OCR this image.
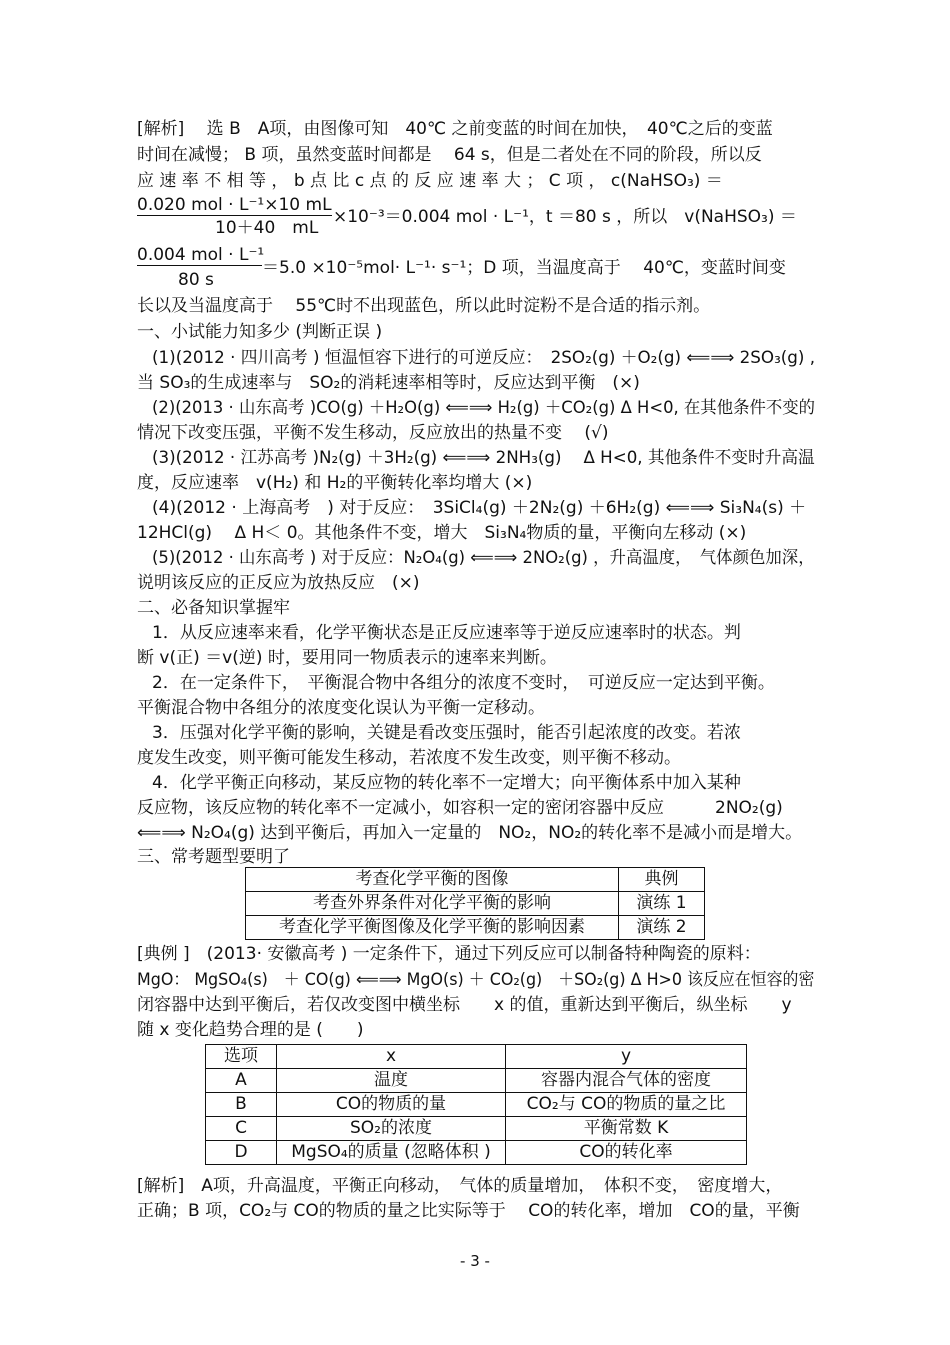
[解析]　 选 B　A项，由图像可知　40℃ 之前变蓝的时间在加快，　40℃之后的变蓝
时间在减慢； B 项，虽然变蓝时间都是　 64 s，但是二者处在不同的阶段，所以反
应 速 率 不 相 等 ， b 点 比 c 点 的 反 应 速 率 大 ； C 项 ， c(NaHSO₃) ＝
0.020 mol · L⁻¹×10 mL
10＋40　mL
×10⁻³＝0.004 mol · L⁻¹，t ＝80 s ，所以　v(NaHSO₃) ＝
0.004 mol · L⁻¹
80 s
＝5.0 ×10⁻⁵mol· L⁻¹· s⁻¹；D 项，当温度高于　 40℃，变蓝时间变
长以及当温度高于　 55℃时不出现蓝色，所以此时淀粉不是合适的指示剂。
一、小试能力知多少 (判断正误 )
(1)(2012 · 四川高考 ) 恒温恒容下进行的可逆反应：　2SO₂(g) ＋O₂(g) ⟸⟹ 2SO₃(g) ,
当 SO₃的生成速率与　SO₂的消耗速率相等时，反应达到平衡　(×)
(2)(2013 · 山东高考 )CO(g) ＋H₂O(g) ⟸⟹ H₂(g) ＋CO₂(g) Δ H<0, 在其他条件不变的
情况下改变压强，平衡不发生移动，反应放出的热量不变　 (√)
(3)(2012 · 江苏高考 )N₂(g) ＋3H₂(g) ⟸⟹ 2NH₃(g)　 Δ H<0, 其他条件不变时升高温
度，反应速率　v(H₂) 和 H₂的平衡转化率均增大 (×)
(4)(2012 · 上海高考　) 对于反应：　3SiCl₄(g) ＋2N₂(g) ＋6H₂(g) ⟸⟹ Si₃N₄(s) ＋
12HCl(g)　 Δ H＜ 0。其他条件不变，增大　Si₃N₄物质的量，平衡向左移动 (×)
(5)(2012 · 山东高考 ) 对于反应：N₂O₄(g) ⟸⟹ 2NO₂(g) ，升高温度，　气体颜色加深，
说明该反应的正反应为放热反应　(×)
二、必备知识掌握牢
1．从反应速率来看，化学平衡状态是正反应速率等于逆反应速率时的状态。判
断 v(正) ＝v(逆) 时，要用同一物质表示的速率来判断。
2．在一定条件下，　平衡混合物中各组分的浓度不变时，　可逆反应一定达到平衡。
平衡混合物中各组分的浓度变化误认为平衡一定移动。
3．压强对化学平衡的影响，关键是看改变压强时，能否引起浓度的改变。若浓
度发生改变，则平衡可能发生移动，若浓度不发生改变，则平衡不移动。
4．化学平衡正向移动，某反应物的转化率不一定增大；向平衡体系中加入某种
反应物，该反应物的转化率不一定减小，如容积一定的密闭容器中反应　　　2NO₂(g)
⟸⟹ N₂O₄(g) 达到平衡后，再加入一定量的　NO₂，NO₂的转化率不是减小而是增大。
三、常考题型要明了
考查化学平衡的图像	典例
考查外界条件对化学平衡的影响	演练 1
考查化学平衡图像及化学平衡的影响因素	演练 2
[典例 ]　(2013· 安徽高考 ) 一定条件下，通过下列反应可以制备特种陶瓷的原料：
MgO： MgSO₄(s)　＋ CO(g) ⟸⟹ MgO(s) ＋ CO₂(g)　＋SO₂(g) Δ H>0 该反应在恒容的密
闭容器中达到平衡后，若仅改变图中横坐标　　x 的值，重新达到平衡后，纵坐标　　y
随 x 变化趋势合理的是 (　　)
选项	x	y
A	温度	容器内混合气体的密度
B	CO的物质的量	CO₂与 CO的物质的量之比
C	SO₂的浓度	平衡常数 K
D	MgSO₄的质量 (忽略体积 )	CO的转化率
[解析]　A项，升高温度，平衡正向移动，　气体的质量增加，　体积不变，　密度增大，
正确；B 项，CO₂与 CO的物质的量之比实际等于　 CO的转化率，增加　CO的量，平衡
- 3 -
